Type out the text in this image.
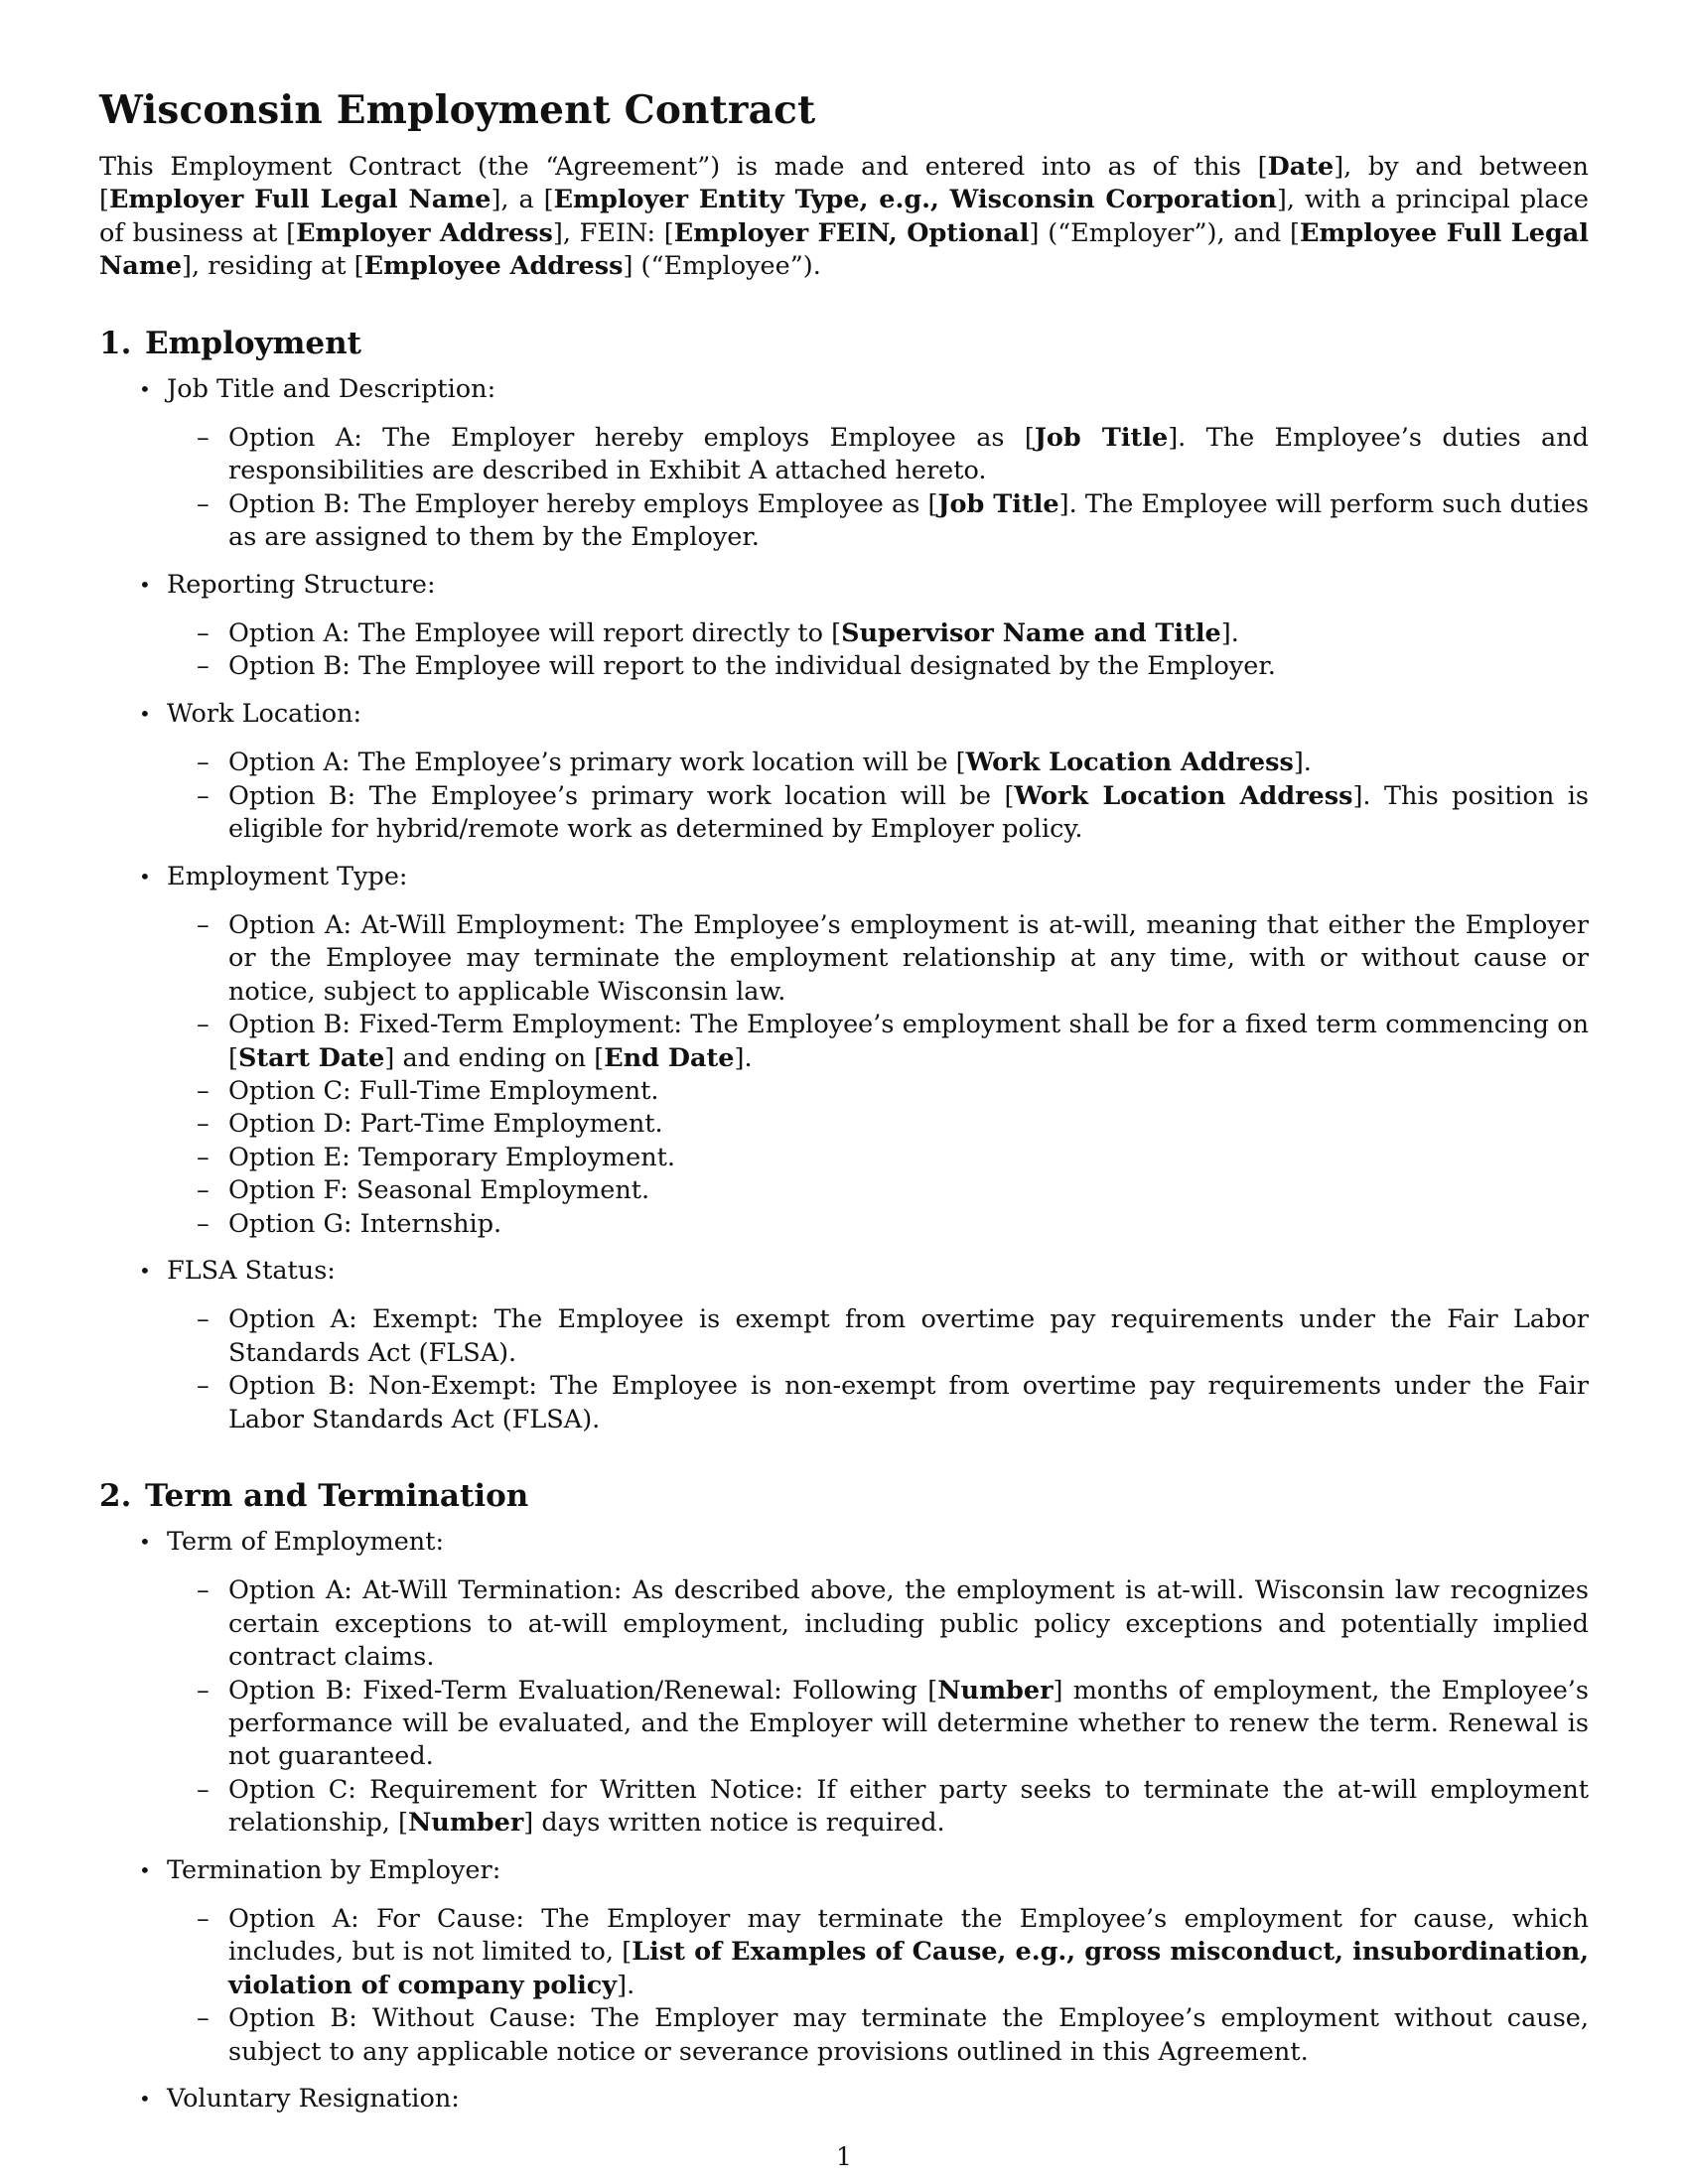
Wisconsin Employment Contract

This Employment Contract (the “Agreement”) is made and entered into as of this [Date], by and between [Employer Full Legal Name], a [Employer Entity Type, e.g., Wisconsin Corporation], with a principal place of business at [Employer Address], FEIN: [Employer FEIN, Optional] (“Employer”), and [Employee Full Legal Name], residing at [Employee Address] (“Employee”).

1. Employment
• Job Title and Description:
– Option A: The Employer hereby employs Employee as [Job Title]. The Employee’s duties and responsibilities are described in Exhibit A attached hereto.
– Option B: The Employer hereby employs Employee as [Job Title]. The Employee will perform such duties as are assigned to them by the Employer.
• Reporting Structure:
– Option A: The Employee will report directly to [Supervisor Name and Title].
– Option B: The Employee will report to the individual designated by the Employer.
• Work Location:
– Option A: The Employee’s primary work location will be [Work Location Address].
– Option B: The Employee’s primary work location will be [Work Location Address]. This position is eligible for hybrid/remote work as determined by Employer policy.
• Employment Type:
– Option A: At-Will Employment: The Employee’s employment is at-will, meaning that either the Employer or the Employee may terminate the employment relationship at any time, with or without cause or notice, subject to applicable Wisconsin law.
– Option B: Fixed-Term Employment: The Employee’s employment shall be for a fixed term commencing on [Start Date] and ending on [End Date].
– Option C: Full-Time Employment.
– Option D: Part-Time Employment.
– Option E: Temporary Employment.
– Option F: Seasonal Employment.
– Option G: Internship.
• FLSA Status:
– Option A: Exempt: The Employee is exempt from overtime pay requirements under the Fair Labor Standards Act (FLSA).
– Option B: Non-Exempt: The Employee is non-exempt from overtime pay requirements under the Fair Labor Standards Act (FLSA).
2. Term and Termination
• Term of Employment:
– Option A: At-Will Termination: As described above, the employment is at-will. Wisconsin law recognizes certain exceptions to at-will employment, including public policy exceptions and potentially implied contract claims.
– Option B: Fixed-Term Evaluation/Renewal: Following [Number] months of employment, the Employee’s performance will be evaluated, and the Employer will determine whether to renew the term. Renewal is not guaranteed.
– Option C: Requirement for Written Notice: If either party seeks to terminate the at-will employment relationship, [Number] days written notice is required.
• Termination by Employer:
– Option A: For Cause: The Employer may terminate the Employee’s employment for cause, which includes, but is not limited to, [List of Examples of Cause, e.g., gross misconduct, insubordination, violation of company policy].
– Option B: Without Cause: The Employer may terminate the Employee’s employment without cause, subject to any applicable notice or severance provisions outlined in this Agreement.
• Voluntary Resignation:
1
